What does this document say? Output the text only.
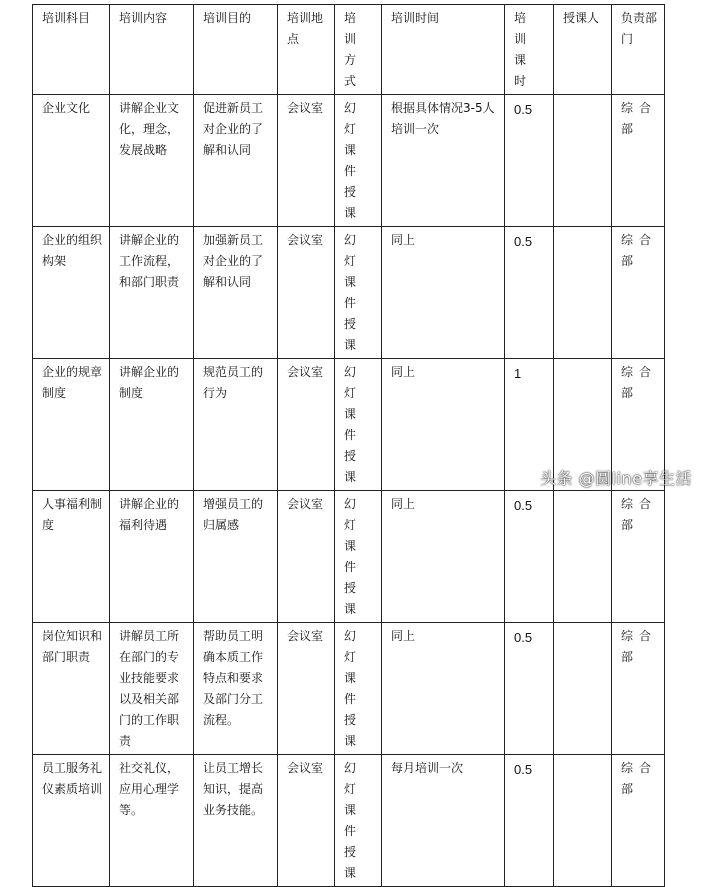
培训科目	培训内容	培训目的	培训地点	培训方式	培训时间	培训课时	授课人	负责部门
企业文化	讲解企业文化，理念，发展战略	促进新员工对企业的了解和认同	会议室	幻灯课件授课	根据具体情况3-5人培训一次	0.5		综合部
企业的组织构架	讲解企业的工作流程，和部门职责	加强新员工对企业的了解和认同	会议室	幻灯课件授课	同上	0.5		综合部
企业的规章制度	讲解企业的制度	规范员工的行为	会议室	幻灯课件授课	同上	1		综合部
人事福利制度	讲解企业的福利待遇	增强员工的归属感	会议室	幻灯课件授课	同上	0.5		综合部
岗位知识和部门职责	讲解员工所在部门的专业技能要求以及相关部门的工作职责	帮助员工明确本质工作特点和要求及部门分工流程。	会议室	幻灯课件授课	同上	0.5		综合部
员工服务礼仪素质培训	社交礼仪，应用心理学等。	让员工增长知识，提高业务技能。	会议室	幻灯课件授课	每月培训一次	0.5		综合部
头条 @圆line享生活
